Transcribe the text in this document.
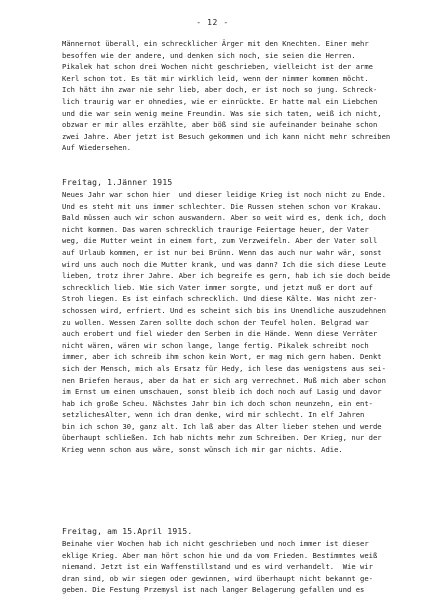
- 12 -
Männernot überall, ein schrecklicher Ärger mit den Knechten. Einer mehr
besoffen wie der andere, und denken sich noch, sie seien die Herren.
Pikalek hat schon drei Wochen nicht geschrieben, vielleicht ist der arme
Kerl schon tot. Es tät mir wirklich leid, wenn der nimmer kommen möcht.
Ich hätt ihn zwar nie sehr lieb, aber doch, er ist noch so jung. Schreck-
lich traurig war er ohnedies, wie er einrückte. Er hatte mal ein Liebchen
und die war sein wenig meine Freundin. Was sie sich taten, weiß ich nicht,
obzwar er mir alles erzählte, aber böß sind sie aufeinander beinahe schon
zwei Jahre. Aber jetzt ist Besuch gekommen und ich kann nicht mehr schreiben
Auf Wiedersehen.
Freitag, 1.Jänner 1915
Neues Jahr war schon hier  und dieser leidige Krieg ist noch nicht zu Ende.
Und es steht mit uns immer schlechter. Die Russen stehen schon vor Krakau.
Bald müssen auch wir schon auswandern. Aber so weit wird es, denk ich, doch
nicht kommen. Das waren schrecklich traurige Feiertage heuer, der Vater
weg, die Mutter weint in einem fort, zum Verzweifeln. Aber der Vater soll
auf Urlaub kommen, er ist nur bei Brünn. Wenn das auch nur wahr wär, sonst
wird uns auch noch die Mutter krank, und was dann? Ich die sich diese Leute
lieben, trotz ihrer Jahre. Aber ich begreife es gern, hab ich sie doch beide
schrecklich lieb. Wie sich Vater immer sorgte, und jetzt muß er dort auf
Stroh liegen. Es ist einfach schrecklich. Und diese Kälte. Was nicht zer-
schossen wird, erfriert. Und es scheint sich bis ins Unendliche auszudehnen
zu wollen. Wessen Zaren sollte doch schon der Teufel holen. Belgrad war
auch erobert und fiel wieder den Serben in die Hände. Wenn diese Verräter
nicht wären, wären wir schon lange, lange fertig. Pikalek schreibt noch
immer, aber ich schreib ihm schon kein Wort, er mag mich gern haben. Denkt
sich der Mensch, mich als Ersatz für Hedy, ich lese das wenigstens aus sei-
nen Briefen heraus, aber da hat er sich arg verrechnet. Muß mich aber schon
im Ernst um einen umschauen, sonst bleib ich doch noch auf Lasig und davor
hab ich große Scheu. Nächstes Jahr bin ich doch schon neunzehn, ein ent-
setzlichesAlter, wenn ich dran denke, wird mir schlecht. In elf Jahren
bin ich schon 30, ganz alt. Ich laß aber das Alter lieber stehen und werde
überhaupt schließen. Ich hab nichts mehr zum Schreiben. Der Krieg, nur der
Krieg wenn schon aus wäre, sonst wünsch ich mir gar nichts. Adie.
Freitag, am 15.April 1915.
Beinahe vier Wochen hab ich nicht geschrieben und noch immer ist dieser
eklige Krieg. Aber man hört schon hie und da vom Frieden. Bestimmtes weiß
niemand. Jetzt ist ein Waffenstillstand und es wird verhandelt.  Wie wir
dran sind, ob wir siegen oder gewinnen, wird überhaupt nicht bekannt ge-
geben. Die Festung Przemysl ist nach langer Belagerung gefallen und es
